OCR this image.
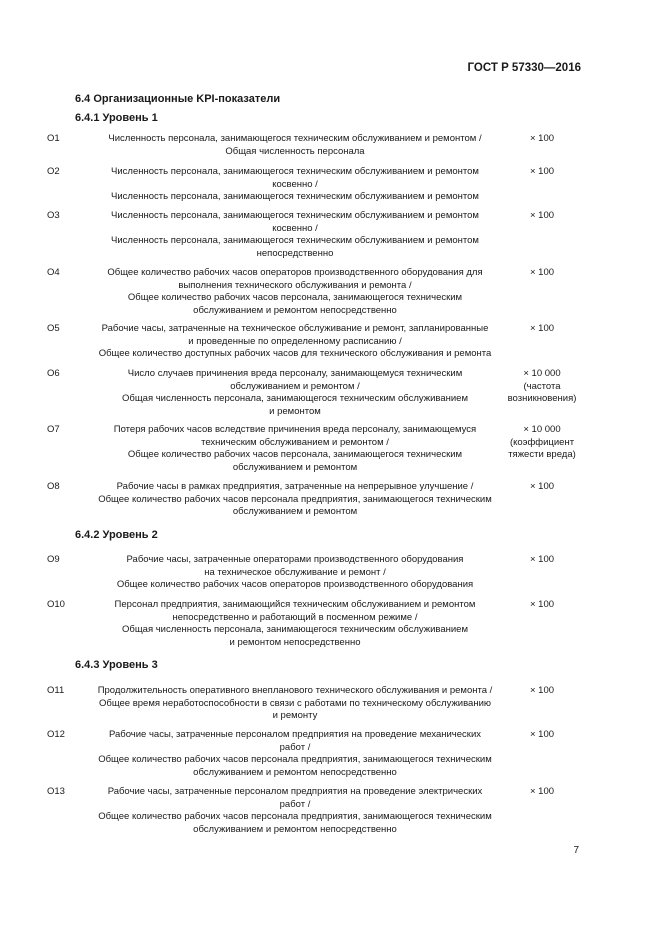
ГОСТ Р 57330—2016
6.4 Организационные KPI-показатели
6.4.1 Уровень 1
6.4.2 Уровень 2
6.4.3 Уровень 3
O1	Численность персонала, занимающегося техническим обслуживанием и ремонтом /
Общая численность персонала
× 100
O2	Численность персонала, занимающегося техническим обслуживанием и ремонтом
косвенно /
Численность персонала, занимающегося техническим обслуживанием и ремонтом
× 100
O3	Численность персонала, занимающегося техническим обслуживанием и ремонтом
косвенно /
Численность персонала, занимающегося техническим обслуживанием и ремонтом
непосредственно
× 100
O4	Общее количество рабочих часов операторов производственного оборудования для
выполнения технического обслуживания и ремонта /
Общее количество рабочих часов персонала, занимающегося техническим
обслуживанием и ремонтом непосредственно
× 100
O5	Рабочие часы, затраченные на техническое обслуживание и ремонт, запланированные
и проведенные по определенному расписанию /
Общее количество доступных рабочих часов для технического обслуживания и ремонта
× 100
O6	Число случаев причинения вреда персоналу, занимающемуся техническим
обслуживанием и ремонтом /
Общая численность персонала, занимающегося техническим обслуживанием
и ремонтом
× 10 000
(частота
возникновения)
O7	Потеря рабочих часов вследствие причинения вреда персоналу, занимающемуся
техническим обслуживанием и ремонтом /
Общее количество рабочих часов персонала, занимающегося техническим
обслуживанием и ремонтом
× 10 000
(коэффициент
тяжести вреда)
O8	Рабочие часы в рамках предприятия, затраченные на непрерывное улучшение /
Общее количество рабочих часов персонала предприятия, занимающегося техническим
обслуживанием и ремонтом
× 100
O9	Рабочие часы, затраченные операторами производственного оборудования
на техническое обслуживание и ремонт /
Общее количество рабочих часов операторов производственного оборудования
× 100
O10	Персонал предприятия, занимающийся техническим обслуживанием и ремонтом
непосредственно и работающий в посменном режиме /
Общая численность персонала, занимающегося техническим обслуживанием
и ремонтом непосредственно
× 100
O11	Продолжительность оперативного внепланового технического обслуживания и ремонта /
Общее время неработоспособности в связи с работами по техническому обслуживанию
и ремонту
× 100
O12	Рабочие часы, затраченные персоналом предприятия на проведение механических
работ /
Общее количество рабочих часов персонала предприятия, занимающегося техническим
обслуживанием и ремонтом непосредственно
× 100
O13	Рабочие часы, затраченные персоналом предприятия на проведение электрических
работ /
Общее количество рабочих часов персонала предприятия, занимающегося техническим
обслуживанием и ремонтом непосредственно
× 100
7
